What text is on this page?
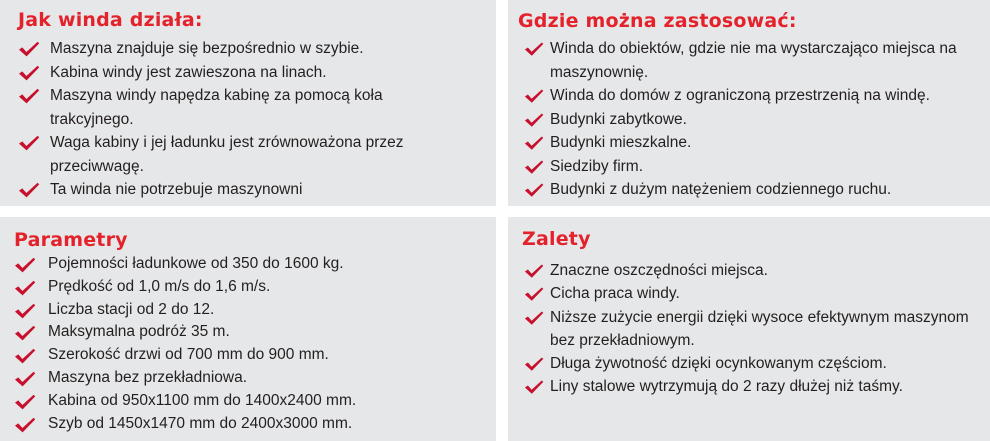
Jak winda działa:
Maszyna znajduje się bezpośrednio w szybie.
Kabina windy jest zawieszona na linach.
Maszyna windy napędza kabinę za pomocą koła trakcyjnego.
Waga kabiny i jej ładunku jest zrównoważona przez przeciwwagę.
Ta winda nie potrzebuje maszynowni
Gdzie można zastosować:
Winda do obiektów, gdzie nie ma wystarczająco miejsca na maszynownię.
Winda do domów z ograniczoną przestrzenią na windę.
Budynki zabytkowe.
Budynki mieszkalne.
Siedziby firm.
Budynki z dużym natężeniem codziennego ruchu.
Parametry
Pojemności ładunkowe od 350 do 1600 kg.
Prędkość od 1,0 m/s do 1,6 m/s.
Liczba stacji od 2 do 12.
Maksymalna podróż 35 m.
Szerokość drzwi od 700 mm do 900 mm.
Maszyna bez przekładniowa.
Kabina od 950x1100 mm do 1400x2400 mm.
Szyb od 1450x1470 mm do 2400x3000 mm.
Zalety
Znaczne oszczędności miejsca.
Cicha praca windy.
Niższe zużycie energii dzięki wysoce efektywnym maszynom bez przekładniowym.
Długa żywotność dzięki ocynkowanym częściom.
Liny stalowe wytrzymują do 2 razy dłużej niż taśmy.
